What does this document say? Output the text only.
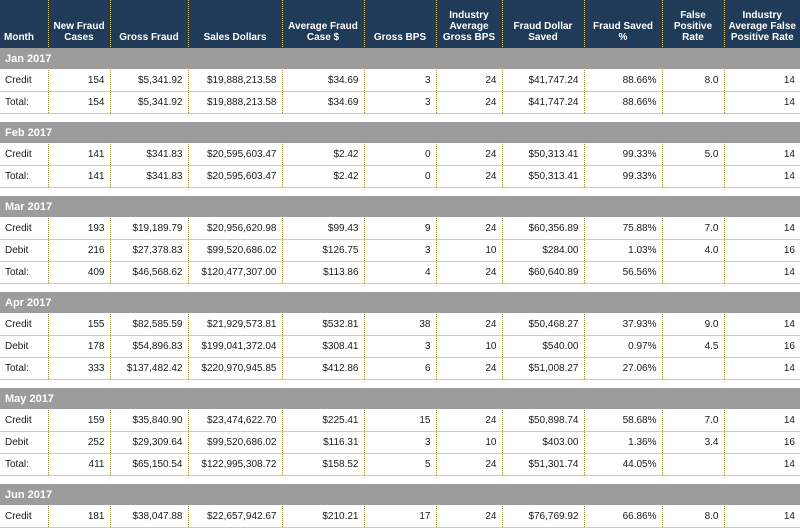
Month	New Fraud Cases	Gross Fraud	Sales Dollars	Average Fraud Case $	Gross BPS	Industry Average Gross BPS	Fraud Dollar Saved	Fraud Saved %	False Positive Rate	Industry Average False Positive Rate
Jan 2017										
Credit	154	$5,341.92	$19,888,213.58	$34.69	3	24	$41,747.24	88.66%	8.0	14
Total:	154	$5,341.92	$19,888,213.58	$34.69	3	24	$41,747.24	88.66%		14

Feb 2017										
Credit	141	$341.83	$20,595,603.47	$2.42	0	24	$50,313.41	99.33%	5.0	14
Total:	141	$341.83	$20,595,603.47	$2.42	0	24	$50,313.41	99.33%		14

Mar 2017										
Credit	193	$19,189.79	$20,956,620.98	$99.43	9	24	$60,356.89	75.88%	7.0	14
Debit	216	$27,378.83	$99,520,686.02	$126.75	3	10	$284.00	1.03%	4.0	16
Total:	409	$46,568.62	$120,477,307.00	$113.86	4	24	$60,640.89	56.56%		14

Apr 2017										
Credit	155	$82,585.59	$21,929,573.81	$532.81	38	24	$50,468.27	37.93%	9.0	14
Debit	178	$54,896.83	$199,041,372.04	$308.41	3	10	$540.00	0.97%	4.5	16
Total:	333	$137,482.42	$220,970,945.85	$412.86	6	24	$51,008.27	27.06%		14

May 2017										
Credit	159	$35,840.90	$23,474,622.70	$225.41	15	24	$50,898.74	58.68%	7.0	14
Debit	252	$29,309.64	$99,520,686.02	$116.31	3	10	$403.00	1.36%	3.4	16
Total:	411	$65,150.54	$122,995,308.72	$158.52	5	24	$51,301.74	44.05%		14

Jun 2017										
Credit	181	$38,047.88	$22,657,942.67	$210.21	17	24	$76,769.92	66.86%	8.0	14
